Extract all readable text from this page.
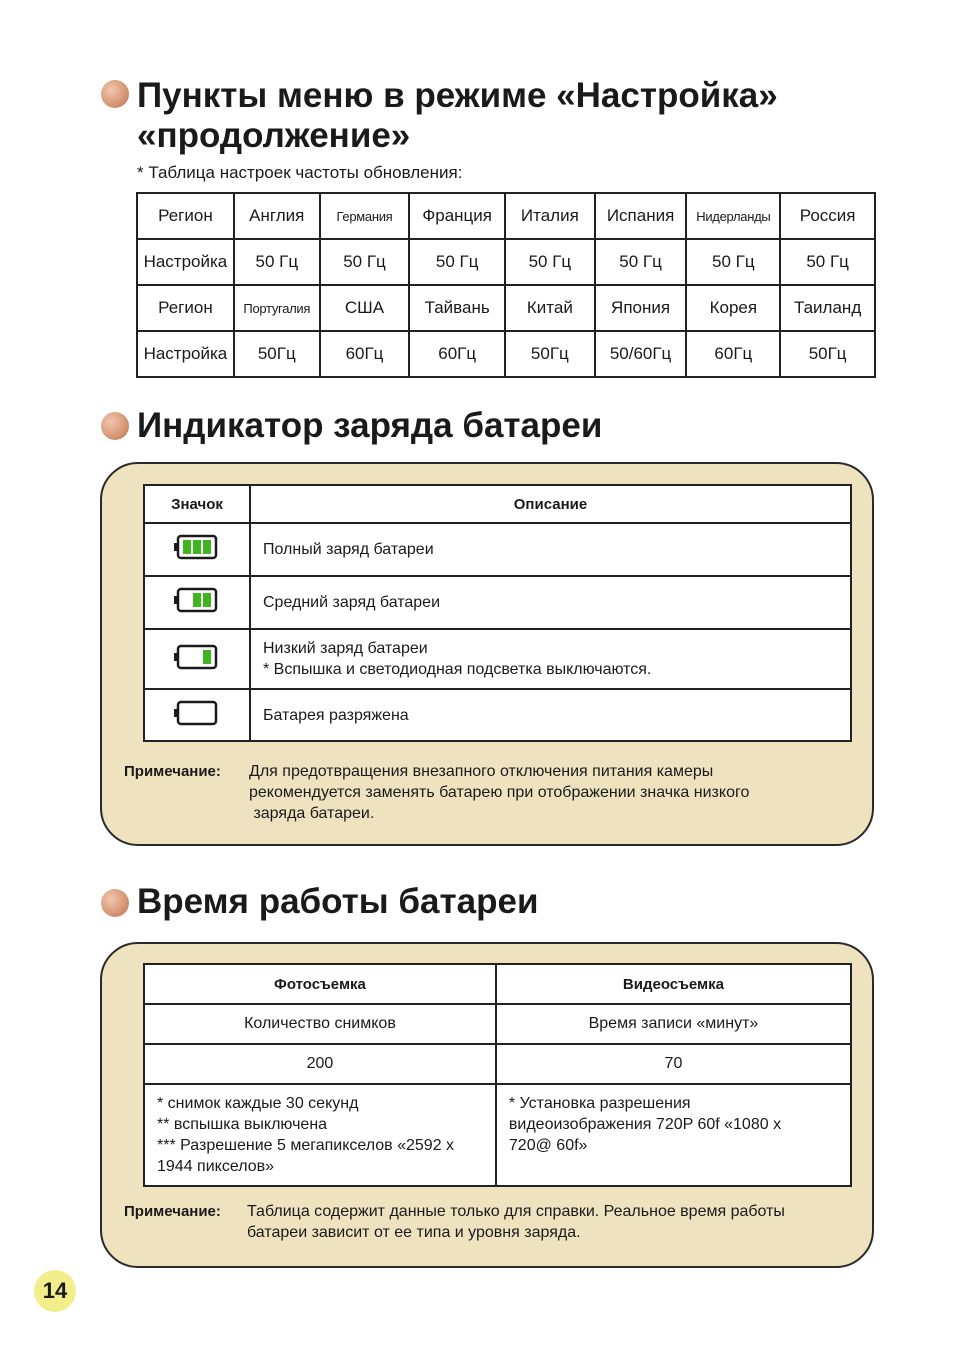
Пункты меню в режиме «Настройка»
«продолжение»
* Таблица настроек частоты обновления:
Регион	Англия	Германия	Франция	Италия	Испания	Нидерланды	Россия
Настройка	50 Гц	50 Гц	50 Гц	50 Гц	50 Гц	50 Гц	50 Гц
Регион	Португалия	США	Тайвань	Китай	Япония	Корея	Таиланд
Настройка	50Гц	60Гц	60Гц	50Гц	50/60Гц	60Гц	50Гц
Индикатор заряда батареи
Значок	Описание
	Полный заряд батареи
	Средний заряд батареи
	Низкий заряд батареи
* Вспышка и светодиодная подсветка выключаются.
	Батарея разряжена
Примечание: Для предотвращения внезапного отключения питания камеры
рекомендуется заменять батарею при отображении значка низкого
заряда батареи.
Время работы батареи
Фотосъемка	Видеосъемка
Количество снимков	Время записи «минут»
200	70
* снимок каждые 30 секунд
** вспышка выключена
*** Разрешение 5 мегапикселов «2592 х
1944 пикселов»	* Установка разрешения
видеоизображения 720P 60f «1080 х
720@ 60f»
Примечание: Таблица содержит данные только для справки. Реальное время работы
батареи зависит от ее типа и уровня заряда.
14
